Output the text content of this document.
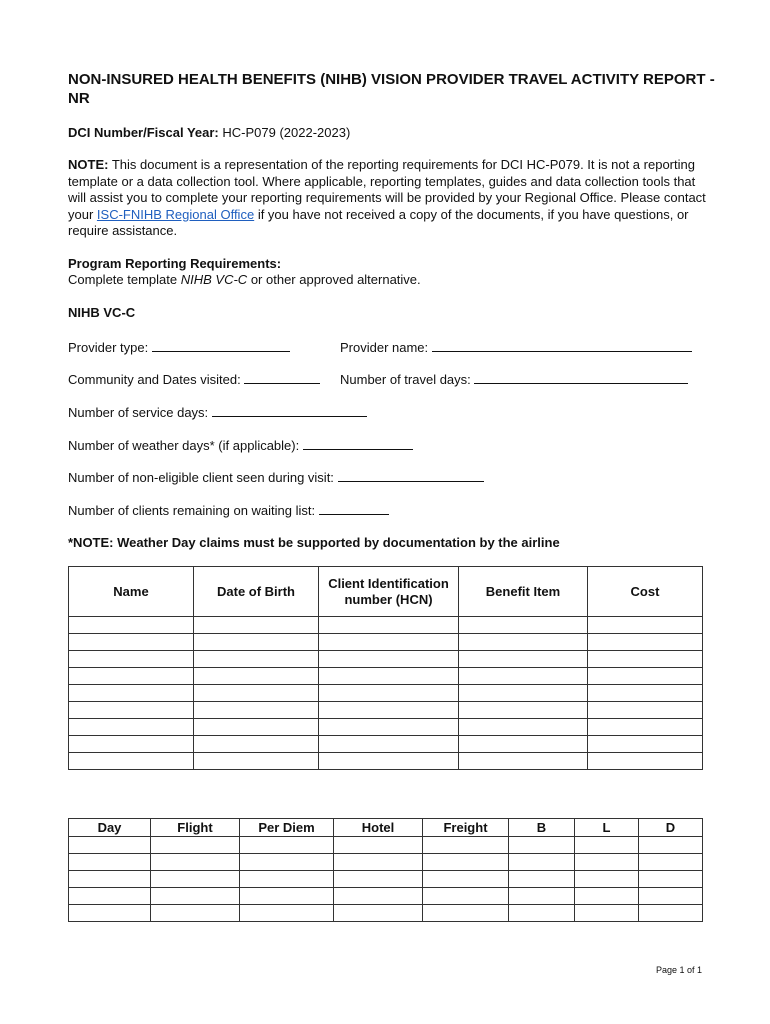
NON-INSURED HEALTH BENEFITS (NIHB) VISION PROVIDER TRAVEL ACTIVITY REPORT - NR

DCI Number/Fiscal Year: HC-P079 (2022-2023)

NOTE: This document is a representation of the reporting requirements for DCI HC-P079. It is not a reporting template or a data collection tool. Where applicable, reporting templates, guides and data collection tools that will assist you to complete your reporting requirements will be provided by your Regional Office. Please contact your ISC-FNIHB Regional Office if you have not received a copy of the documents, if you have questions, or require assistance.

Program Reporting Requirements:

Complete template NIHB VC-C or other approved alternative.

NIHB VC-C

Provider type:	Provider name:

Community and Dates visited:	Number of travel days:

Number of service days:

Number of weather days* (if applicable):

Number of non-eligible client seen during visit:

Number of clients remaining on waiting list:

*NOTE: Weather Day claims must be supported by documentation by the airline

Name	Date of Birth	Client Identification number (HCN)	Benefit Item	Cost

Day	Flight	Per Diem	Hotel	Freight	B	L	D

Page 1 of 1
